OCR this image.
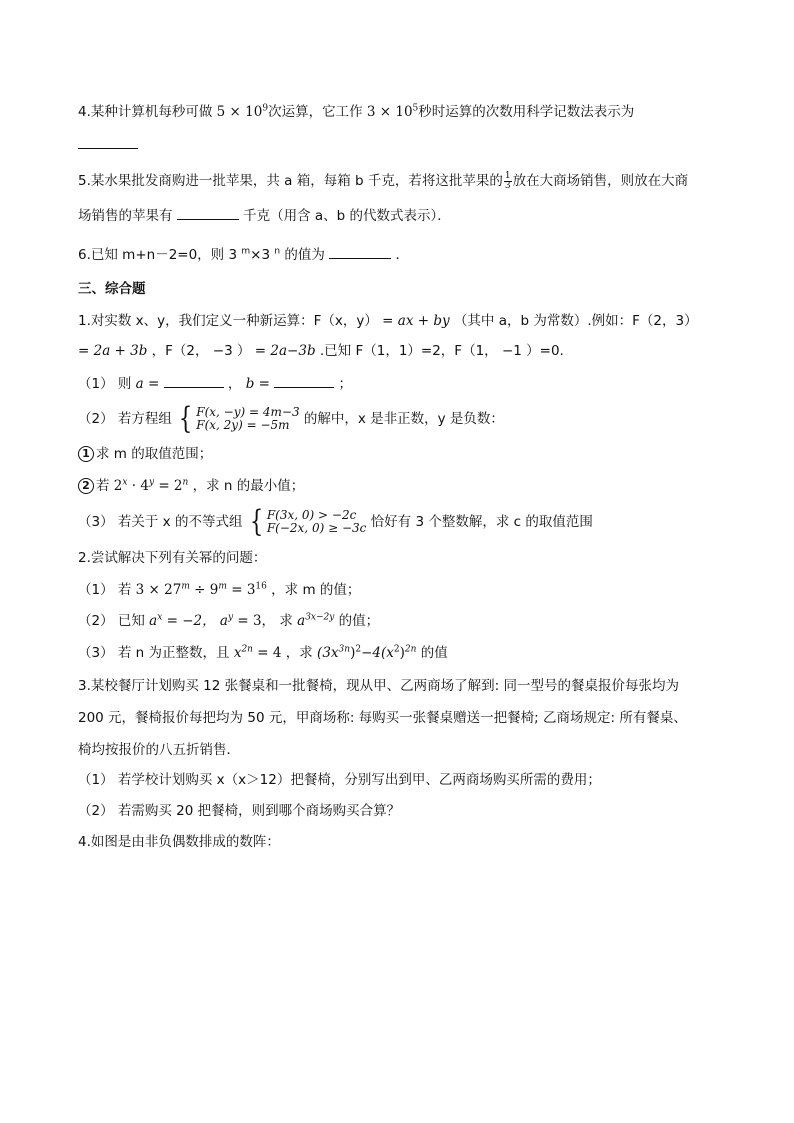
4.某种计算机每秒可做 $5 \times 10^9$次运算，它工作 $3 \times 10^5$秒时运算的次数用科学记数法表示为
5.某水果批发商购进一批苹果，共 a 箱，每箱 b 千克，若将这批苹果的 $\frac{1}{3}$ 放在大商场销售，则放在大商
场销售的苹果有	千克（用含 a、b 的代数式表示）．
6.已知 m+n－2=0，则 3 $^m$×3 $^n$ 的值为	．
三、综合题
1.对实数 x、y，我们定义一种新运算：F（x，y） = ax + by （其中 a，b 为常数）.例如：F（2，3）
= 2a + 3b ，F（2， −3 ） = 2a−3b .已知 F（1，1）=2，F（1， −1 ）=0.
（1） 则 a =	， b =	；
（2） 若方程组 { F(x, −y) = 4m−3
F(x, 2y) = −5m 的解中，x 是非正数，y 是负数：
1 求 m 的取值范围；
2 若 $2^x \cdot 4^y = 2^n$ ，求 n 的最小值；
（3） 若关于 x 的不等式组 { F(3x, 0) > −2c
F(−2x, 0) ≥ −3c 恰好有 3 个整数解，求 c 的取值范围
2.尝试解决下列有关幂的问题：
（1） 若 $3 \times 27^m \div 9^m = 3^{16}$ ，求 m 的值；
（2） 已知 $a^x = -2$， $a^y = 3$， 求 $a^{3x-2y}$ 的值；
（3） 若 n 为正整数，且 $x^{2n} = 4$ ，求 $(3x^{3n})^2-4(x^2)^{2n}$ 的值
3.某校餐厅计划购买 12 张餐桌和一批餐椅，现从甲、乙两商场了解到: 同一型号的餐桌报价每张均为
200 元，餐椅报价每把均为 50 元，甲商场称: 每购买一张餐桌赠送一把餐椅; 乙商场规定: 所有餐桌、
椅均按报价的八五折销售．
（1） 若学校计划购买 x（x＞12）把餐椅，分别写出到甲、乙两商场购买所需的费用；
（2） 若需购买 20 把餐椅，则到哪个商场购买合算？
4.如图是由非负偶数排成的数阵：
